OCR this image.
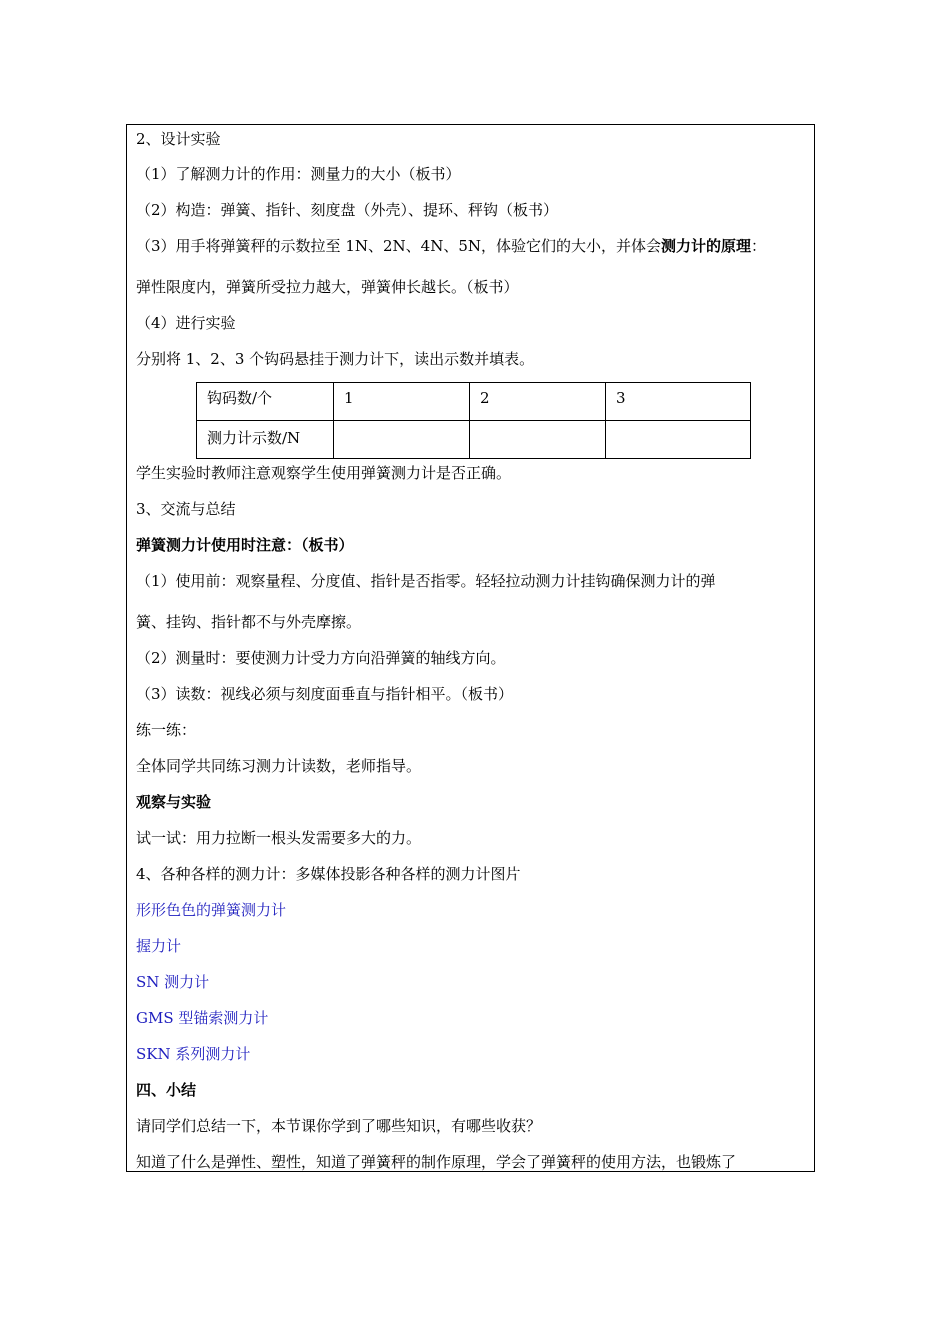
2、设计实验
（1）了解测力计的作用：测量力的大小（板书）
（2）构造：弹簧、指针、刻度盘（外壳）、提环、秤钩（板书）
（3）用手将弹簧秤的示数拉至 1N、2N、4N、5N，体验它们的大小，并体会测力计的原理：
弹性限度内，弹簧所受拉力越大，弹簧伸长越长。（板书）
（4）进行实验
分别将 1、2、3 个钩码悬挂于测力计下，读出示数并填表。
钩码数/个	1	2	3
测力计示数/N			
学生实验时教师注意观察学生使用弹簧测力计是否正确。
3、交流与总结
弹簧测力计使用时注意：（板书）
（1）使用前：观察量程、分度值、指针是否指零。轻轻拉动测力计挂钩确保测力计的弹
簧、挂钩、指针都不与外壳摩擦。
（2）测量时：要使测力计受力方向沿弹簧的轴线方向。
（3）读数：视线必须与刻度面垂直与指针相平。（板书）
练一练：
全体同学共同练习测力计读数，老师指导。
观察与实验
试一试：用力拉断一根头发需要多大的力。
4、各种各样的测力计：多媒体投影各种各样的测力计图片
形形色色的弹簧测力计
握力计
SN 测力计
GMS 型锚索测力计
SKN 系列测力计
四、小结
请同学们总结一下，本节课你学到了哪些知识，有哪些收获？
知道了什么是弹性、塑性，知道了弹簧秤的制作原理，学会了弹簧秤的使用方法，也锻炼了
